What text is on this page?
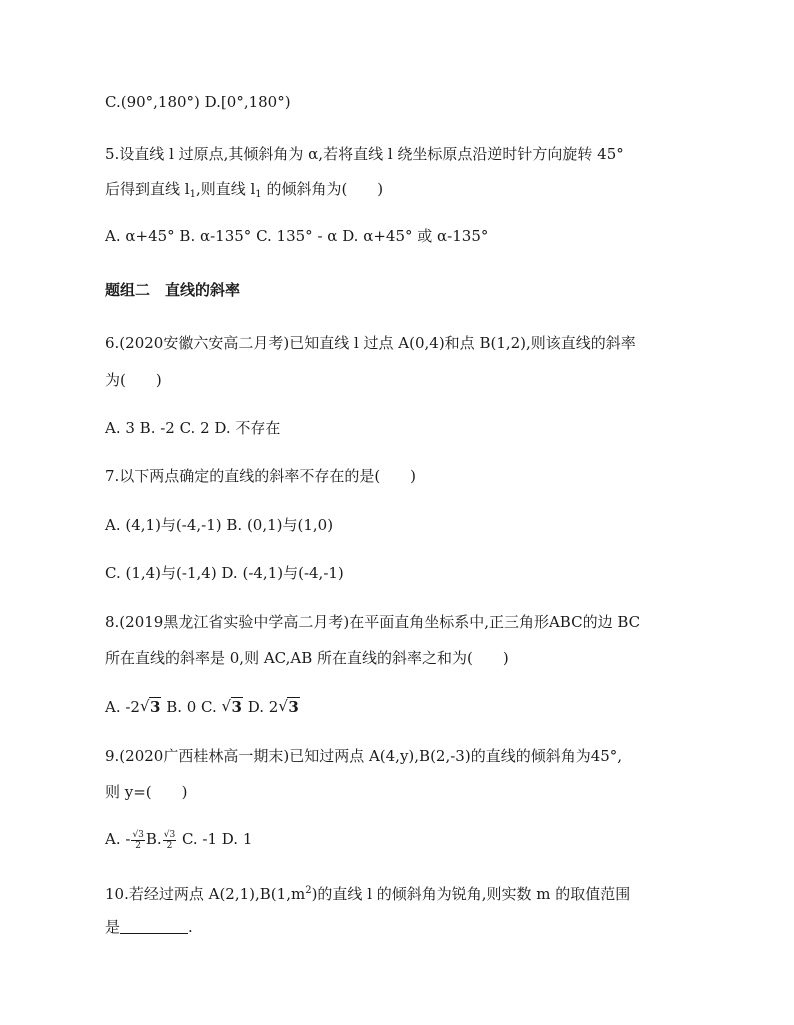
C.(90°,180°) D.[0°,180°)
5.设直线 l 过原点,其倾斜角为 α,若将直线 l 绕坐标原点沿逆时针方向旋转 45°
后得到直线 $l_1$,则直线 $l_1$ 的倾斜角为(　　)
A. α+45° B. α-135° C. 135° - α D. α+45° 或 α-135°
题组二　直线的斜率
6.(2020安徽六安高二月考)已知直线 l 过点 A(0,4)和点 B(1,2),则该直线的斜率
为(　　)
A. 3 B. -2 C. 2 D. 不存在
7.以下两点确定的直线的斜率不存在的是(　　)
A. (4,1)与(-4,-1) B. (0,1)与(1,0)
C. (1,4)与(-1,4) D. (-4,1)与(-4,-1)
8.(2019黑龙江省实验中学高二月考)在平面直角坐标系中,正三角形ABC的边 BC
所在直线的斜率是 0,则 AC,AB 所在直线的斜率之和为(　　)
A. -2 √ 3 B. 0 C. √ 3 D. 2 √ 3
9.(2020广西桂林高一期末)已知过两点 A(4,y),B(2,-3)的直线的倾斜角为45°,
则 y=(　　)
A. - $\frac{√3}{2} B$. $\frac{√3}{2} C$. -1 D. 1
10.若经过两点 $A(2,1),B(1,m^2)$的直线 l 的倾斜角为锐角,则实数 m 的取值范围
是	.
